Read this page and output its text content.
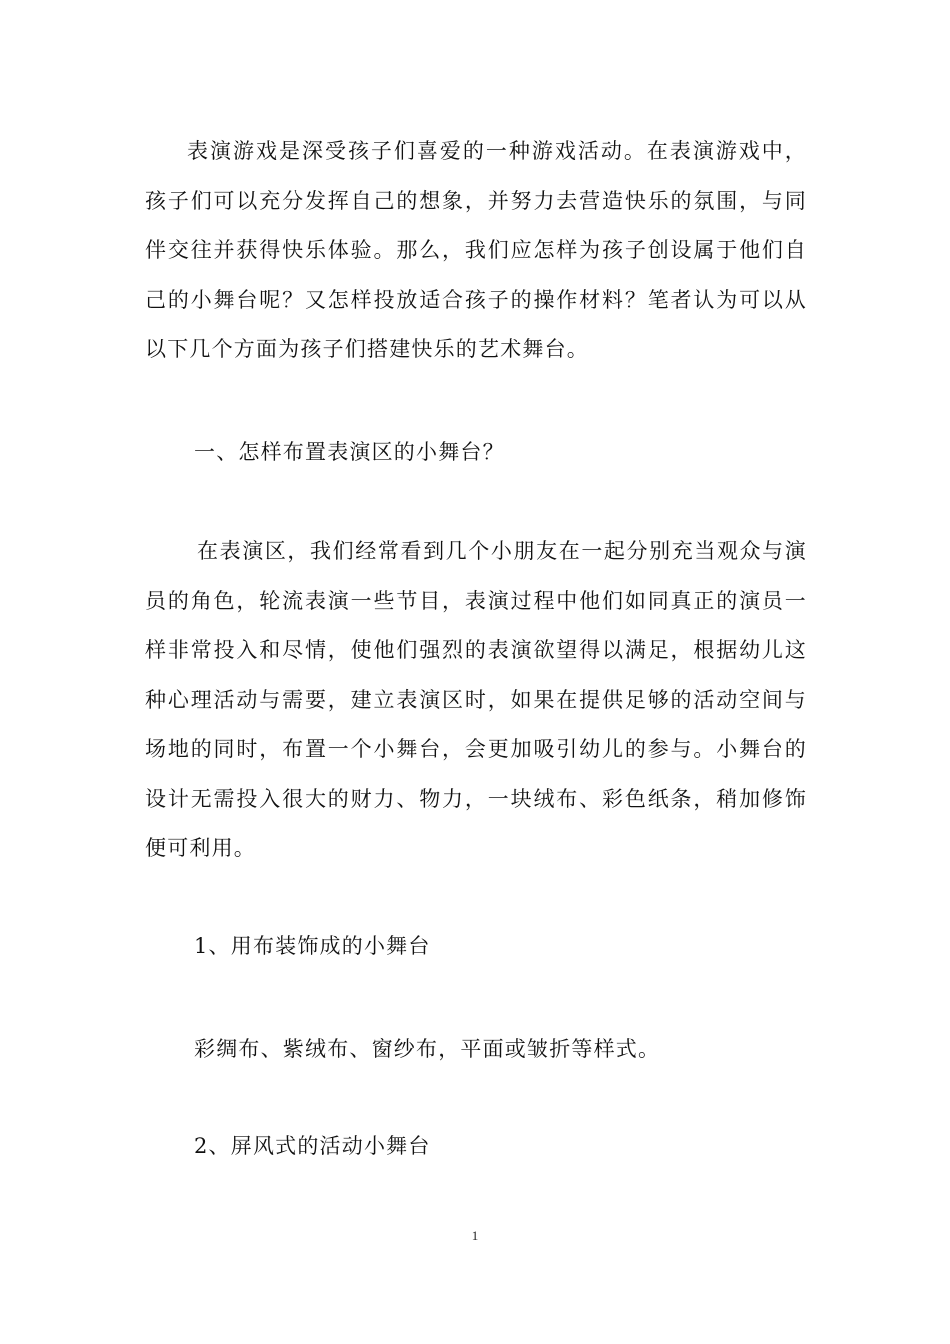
表演游戏是深受孩子们喜爱的一种游戏活动。在表演游戏中，孩子们可以充分发挥自己的想象，并努力去营造快乐的氛围，与同伴交往并获得快乐体验。那么，我们应怎样为孩子创设属于他们自己的小舞台呢？又怎样投放适合孩子的操作材料？笔者认为可以从以下几个方面为孩子们搭建快乐的艺术舞台。

一、怎样布置表演区的小舞台？

在表演区，我们经常看到几个小朋友在一起分别充当观众与演员的角色，轮流表演一些节目，表演过程中他们如同真正的演员一样非常投入和尽情，使他们强烈的表演欲望得以满足，根据幼儿这种心理活动与需要，建立表演区时，如果在提供足够的活动空间与场地的同时，布置一个小舞台，会更加吸引幼儿的参与。小舞台的设计无需投入很大的财力、物力，一块绒布、彩色纸条，稍加修饰便可利用。

1、用布装饰成的小舞台

彩绸布、紫绒布、窗纱布，平面或皱折等样式。

2、屏风式的活动小舞台

1
